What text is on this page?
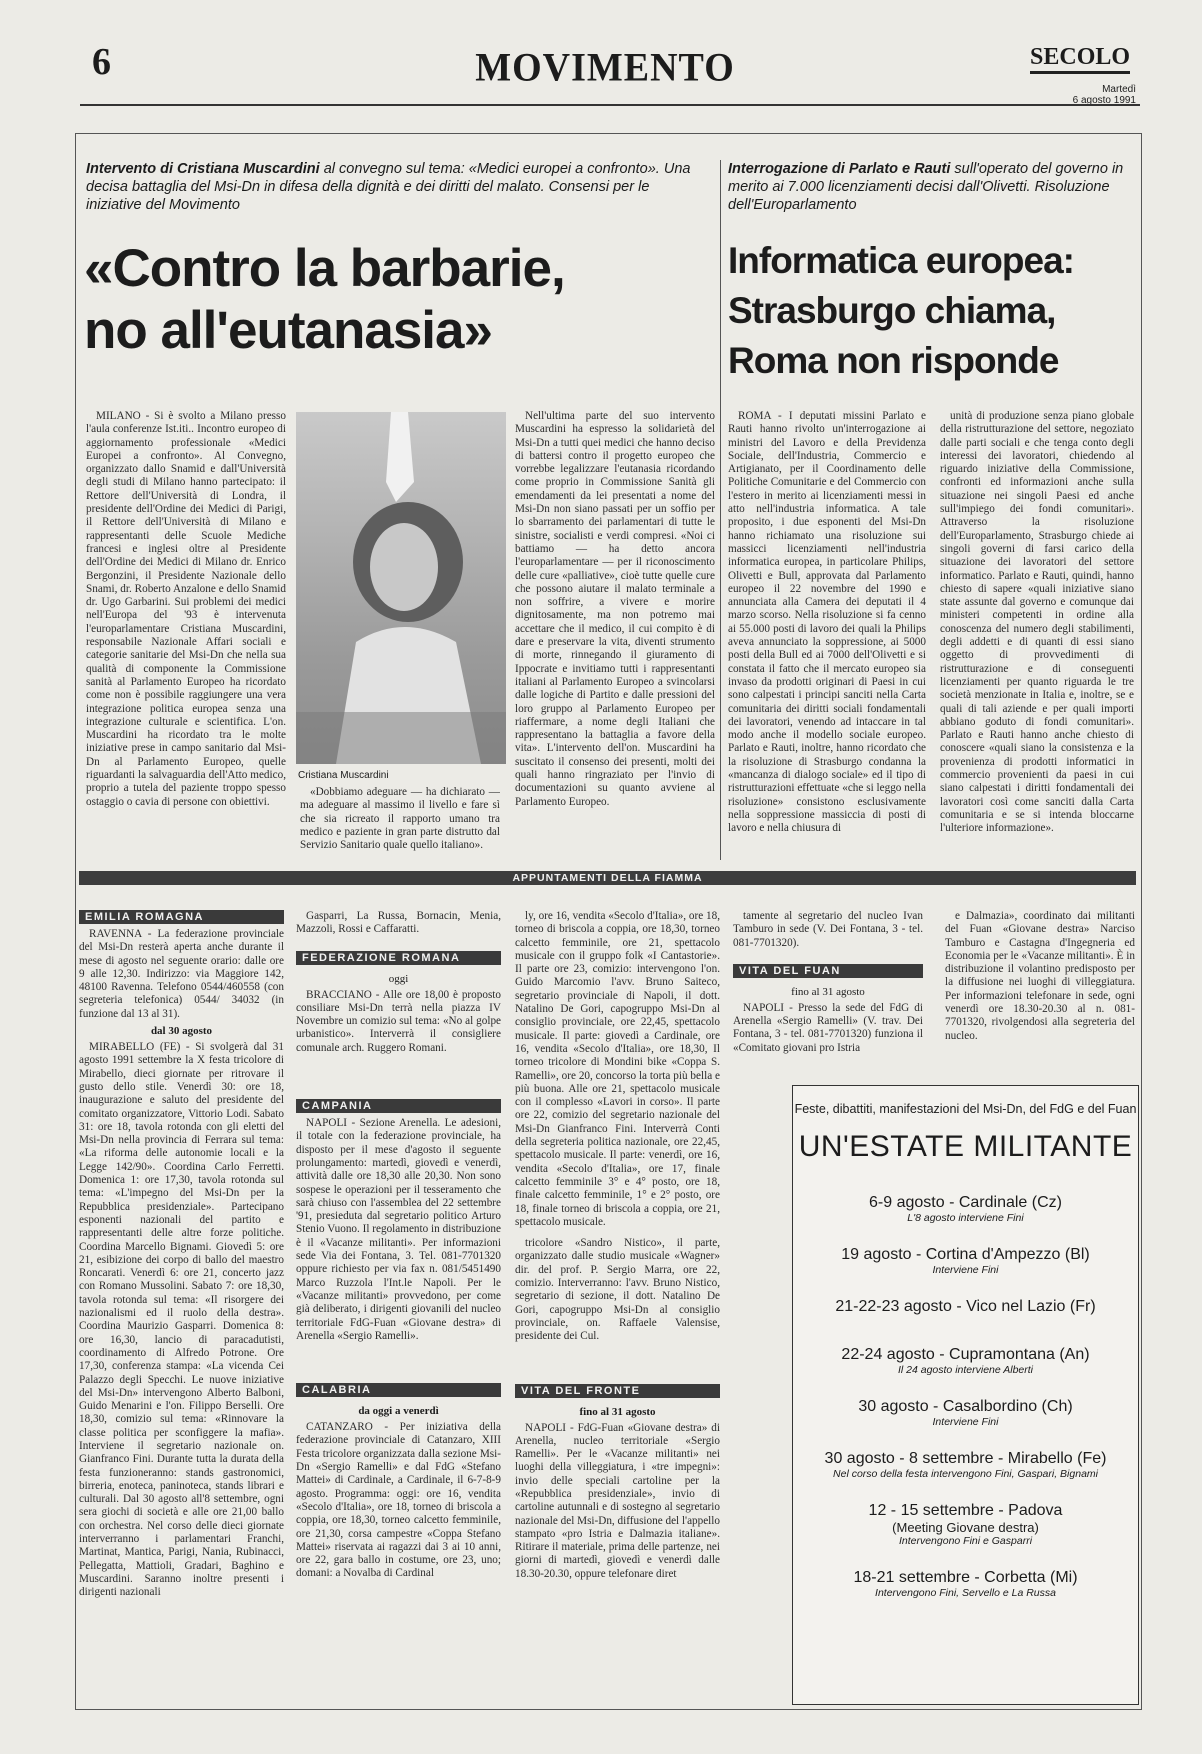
6	MOVIMENTO	SECOLO
Martedì
6 agosto 1991
Intervento di Cristiana Muscardini al convegno sul tema: «Medici europei a confronto». Una decisa battaglia del Msi-Dn in difesa della dignità e dei diritti del malato. Consensi per le iniziative del Movimento
«Contro la barbarie,
no all'eutanasia»

MILANO - Si è svolto a Milano presso l'aula conferenze Ist.iti.. Incontro europeo di aggiornamento professionale «Medici Europei a confronto». Al Convegno, organizzato dallo Snamid e dall'Università degli studi di Milano hanno partecipato: il Rettore dell'Università di Londra, il presidente dell'Ordine dei Medici di Parigi, il Rettore dell'Università di Milano e rappresentanti delle Scuole Mediche francesi e inglesi oltre al Presidente dell'Ordine dei Medici di Milano dr. Enrico Bergonzini, il Presidente Nazionale dello Snami, dr. Roberto Anzalone e dello Snamid dr. Ugo Garbarini. Sui problemi dei medici nell'Europa del '93 è intervenuta l'europarlamentare Cristiana Muscardini, responsabile Nazionale Affari sociali e categorie sanitarie del Msi-Dn che nella sua qualità di componente la Commissione sanità al Parlamento Europeo ha ricordato come non è possibile raggiungere una vera integrazione politica europea senza una integrazione culturale e scientifica. L'on. Muscardini ha ricordato tra le molte iniziative prese in campo sanitario dal Msi-Dn al Parlamento Europeo, quelle riguardanti la salvaguardia dell'Atto medico, proprio a tutela del paziente troppo spesso ostaggio o cavia di persone con obiettivi.

Cristiana Muscardini

«Dobbiamo adeguare — ha dichiarato — ma adeguare al massimo il livello e fare sì che sia ricreato il rapporto umano tra medico e paziente in gran parte distrutto dal Servizio Sanitario quale quello italiano».

Nell'ultima parte del suo intervento Muscardini ha espresso la solidarietà del Msi-Dn a tutti quei medici che hanno deciso di battersi contro il progetto europeo che vorrebbe legalizzare l'eutanasia ricordando come proprio in Commissione Sanità gli emendamenti da lei presentati a nome del Msi-Dn non siano passati per un soffio per lo sbarramento dei parlamentari di tutte le sinistre, socialisti e verdi compresi. «Noi ci battiamo — ha detto ancora l'europarlamentare — per il riconoscimento delle cure «palliative», cioè tutte quelle cure che possono aiutare il malato terminale a non soffrire, a vivere e morire dignitosamente, ma non potremo mai accettare che il medico, il cui compito è di dare e preservare la vita, diventi strumento di morte, rinnegando il giuramento di Ippocrate e invitiamo tutti i rappresentanti italiani al Parlamento Europeo a svincolarsi dalle logiche di Partito e dalle pressioni del loro gruppo al Parlamento Europeo per riaffermare, a nome degli Italiani che rappresentano la battaglia a favore della vita». L'intervento dell'on. Muscardini ha suscitato il consenso dei presenti, molti dei quali hanno ringraziato per l'invio di documentazioni su quanto avviene al Parlamento Europeo.

Interrogazione di Parlato e Rauti sull'operato del governo in merito ai 7.000 licenziamenti decisi dall'Olivetti. Risoluzione dell'Europarlamento
Informatica europea:
Strasburgo chiama,
Roma non risponde

ROMA - I deputati missini Parlato e Rauti hanno rivolto un'interrogazione ai ministri del Lavoro e della Previdenza Sociale, dell'Industria, Commercio e Artigianato, per il Coordinamento delle Politiche Comunitarie e del Commercio con l'estero in merito ai licenziamenti messi in atto nell'industria informatica. A tale proposito, i due esponenti del Msi-Dn hanno richiamato una risoluzione sui massicci licenziamenti nell'industria informatica europea, in particolare Philips, Olivetti e Bull, approvata dal Parlamento europeo il 22 novembre del 1990 e annunciata alla Camera dei deputati il 4 marzo scorso. Nella risoluzione si fa cenno ai 55.000 posti di lavoro dei quali la Philips aveva annunciato la soppressione, ai 5000 posti della Bull ed ai 7000 dell'Olivetti e si constata il fatto che il mercato europeo sia invaso da prodotti originari di Paesi in cui sono calpestati i principi sanciti nella Carta comunitaria dei diritti sociali fondamentali dei lavoratori, venendo ad intaccare in tal modo anche il modello sociale europeo. Parlato e Rauti, inoltre, hanno ricordato che la risoluzione di Strasburgo condanna la «mancanza di dialogo sociale» ed il tipo di ristrutturazioni effettuate «che si leggo nella risoluzione» consistono esclusivamente nella soppressione massiccia di posti di lavoro e nella chiusura di

unità di produzione senza piano globale della ristrutturazione del settore, negoziato dalle parti sociali e che tenga conto degli interessi dei lavoratori, chiedendo al riguardo iniziative della Commissione, confronti ed informazioni anche sulla situazione nei singoli Paesi ed anche sull'impiego dei fondi comunitari». Attraverso la risoluzione dell'Europarlamento, Strasburgo chiede ai singoli governi di farsi carico della situazione dei lavoratori del settore informatico. Parlato e Rauti, quindi, hanno chiesto di sapere «quali iniziative siano state assunte dal governo e comunque dai ministeri competenti in ordine alla conoscenza del numero degli stabilimenti, degli addetti e di quanti di essi siano oggetto di provvedimenti di ristrutturazione e di conseguenti licenziamenti per quanto riguarda le tre società menzionate in Italia e, inoltre, se e quali di tali aziende e per quali importi abbiano goduto di fondi comunitari». Parlato e Rauti hanno anche chiesto di conoscere «quali siano la consistenza e la provenienza di prodotti informatici in commercio provenienti da paesi in cui siano calpestati i diritti fondamentali dei lavoratori così come sanciti dalla Carta comunitaria e se si intenda bloccarne l'ulteriore informazione».

APPUNTAMENTI DELLA FIAMMA
EMILIA ROMAGNA

RAVENNA - La federazione provinciale del Msi-Dn resterà aperta anche durante il mese di agosto nel seguente orario: dalle ore 9 alle 12,30. Indirizzo: via Maggiore 142, 48100 Ravenna. Telefono 0544/460558 (con segreteria telefonica) 0544/ 34032 (in funzione dal 13 al 31).

dal 30 agosto

MIRABELLO (FE) - Si svolgerà dal 31 agosto 1991 settembre la X festa tricolore di Mirabello, dieci giornate per ritrovare il gusto dello stile. Venerdì 30: ore 18, inaugurazione e saluto del presidente del comitato organizzatore, Vittorio Lodi. Sabato 31: ore 18, tavola rotonda con gli eletti del Msi-Dn nella provincia di Ferrara sul tema: «La riforma delle autonomie locali e la Legge 142/90». Coordina Carlo Ferretti. Domenica 1: ore 17,30, tavola rotonda sul tema: «L'impegno del Msi-Dn per la Repubblica presidenziale». Partecipano esponenti nazionali del partito e rappresentanti delle altre forze politiche. Coordina Marcello Bignami. Giovedì 5: ore 21, esibizione dei corpo di ballo del maestro Roncarati. Venerdì 6: ore 21, concerto jazz con Romano Mussolini. Sabato 7: ore 18,30, tavola rotonda sul tema: «Il risorgere dei nazionalismi ed il ruolo della destra». Coordina Maurizio Gasparri. Domenica 8: ore 16,30, lancio di paracadutisti, coordinamento di Alfredo Potrone. Ore 17,30, conferenza stampa: «La vicenda Cei Palazzo degli Specchi. Le nuove iniziative del Msi-Dn» intervengono Alberto Balboni, Guido Menarini e l'on. Filippo Berselli. Ore 18,30, comizio sul tema: «Rinnovare la classe politica per sconfiggere la mafia». Interviene il segretario nazionale on. Gianfranco Fini. Durante tutta la durata della festa funzioneranno: stands gastronomici, birreria, enoteca, paninoteca, stands librari e culturali. Dal 30 agosto all'8 settembre, ogni sera giochi di società e alle ore 21,00 ballo con orchestra. Nel corso delle dieci giornate interverranno i parlamentari Franchi, Martinat, Mantica, Parigi, Nania, Rubinacci, Pellegatta, Mattioli, Gradari, Baghino e Muscardini. Saranno inoltre presenti i dirigenti nazionali

Gasparri, La Russa, Bornacin, Menia, Mazzoli, Rossi e Caffaratti.

FEDERAZIONE ROMANA
oggi

BRACCIANO - Alle ore 18,00 è proposto consiliare Msi-Dn terrà nella piazza IV Novembre un comizio sul tema: «No al golpe urbanistico». Interverrà il consigliere comunale arch. Ruggero Romani.

CAMPANIA

NAPOLI - Sezione Arenella. Le adesioni, il totale con la federazione provinciale, ha disposto per il mese d'agosto il seguente prolungamento: martedì, giovedì e venerdì, attività dalle ore 18,30 alle 20,30. Non sono sospese le operazioni per il tesseramento che sarà chiuso con l'assemblea del 22 settembre '91, presieduta dal segretario politico Arturo Stenio Vuono. Il regolamento in distribuzione è il «Vacanze militanti». Per informazioni sede Via dei Fontana, 3. Tel. 081-7701320 oppure richiesto per via fax n. 081/5451490 Marco Ruzzola l'Int.le Napoli. Per le «Vacanze militanti» provvedono, per come già deliberato, i dirigenti giovanili del nucleo territoriale FdG-Fuan «Giovane destra» di Arenella «Sergio Ramelli».

CALABRIA
da oggi a venerdì

CATANZARO - Per iniziativa della federazione provinciale di Catanzaro, XIII Festa tricolore organizzata dalla sezione Msi-Dn «Sergio Ramelli» e dal FdG «Stefano Mattei» di Cardinale, a Cardinale, il 6-7-8-9 agosto. Programma: oggi: ore 16, vendita «Secolo d'Italia», ore 18, torneo di briscola a coppia, ore 18,30, torneo calcetto femminile, ore 21,30, corsa campestre «Coppa Stefano Mattei» riservata ai ragazzi dai 3 ai 10 anni, ore 22, gara ballo in costume, ore 23, uno; domani: a Novalba di Cardinal

ly, ore 16, vendita «Secolo d'Italia», ore 18, torneo di briscola a coppia, ore 18,30, torneo calcetto femminile, ore 21, spettacolo musicale con il gruppo folk «I Cantastorie». Il parte ore 23, comizio: intervengono l'on. Guido Marcomio l'avv. Bruno Saiteco, segretario provinciale di Napoli, il dott. Natalino De Gori, capogruppo Msi-Dn al consiglio provinciale, ore 22,45, spettacolo musicale. Il parte: giovedì a Cardinale, ore 16, vendita «Secolo d'Italia», ore 18,30, Il torneo tricolore di Mondini bike «Coppa S. Ramelli», ore 20, concorso la torta più bella e più buona. Alle ore 21, spettacolo musicale con il complesso «Lavori in corso». Il parte ore 22, comizio del segretario nazionale del Msi-Dn Gianfranco Fini. Interverrà Conti della segreteria politica nazionale, ore 22,45, spettacolo musicale. Il parte: venerdì, ore 16, vendita «Secolo d'Italia», ore 17, finale calcetto femminile 3° e 4° posto, ore 18, finale calcetto femminile, 1° e 2° posto, ore 18, finale torneo di briscola a coppia, ore 21, spettacolo musicale.

tricolore «Sandro Nistico», il parte, organizzato dalle studio musicale «Wagner» dir. del prof. P. Sergio Marra, ore 22, comizio. Interverranno: l'avv. Bruno Nistico, segretario di sezione, il dott. Natalino De Gori, capogruppo Msi-Dn al consiglio provinciale, on. Raffaele Valensise, presidente dei Cul.

VITA DEL FRONTE
fino al 31 agosto

NAPOLI - FdG-Fuan «Giovane destra» di Arenella, nucleo territoriale «Sergio Ramelli». Per le «Vacanze militanti» nei luoghi della villeggiatura, i «tre impegni»: invio delle speciali cartoline per la «Repubblica presidenziale», invio di cartoline autunnali e di sostegno al segretario nazionale del Msi-Dn, diffusione del l'appello stampato «pro Istria e Dalmazia italiane». Ritirare il materiale, prima delle partenze, nei giorni di martedì, giovedì e venerdì dalle 18.30-20.30, oppure telefonare diret

tamente al segretario del nucleo Ivan Tamburo in sede (V. Dei Fontana, 3 - tel. 081-7701320).

VITA DEL FUAN
fino al 31 agosto

NAPOLI - Presso la sede del FdG di Arenella «Sergio Ramelli» (V. trav. Dei Fontana, 3 - tel. 081-7701320) funziona il «Comitato giovani pro Istria

e Dalmazia», coordinato dai militanti del Fuan «Giovane destra» Narciso Tamburo e Castagna d'Ingegneria ed Economia per le «Vacanze militanti». È in distribuzione il volantino predisposto per la diffusione nei luoghi di villeggiatura. Per informazioni telefonare in sede, ogni venerdì ore 18.30-20.30 al n. 081-7701320, rivolgendosi alla segreteria del nucleo.

Feste, dibattiti, manifestazioni del Msi-Dn, del FdG e del Fuan
UN'ESTATE MILITANTE
6-9 agosto - Cardinale (Cz)
L'8 agosto interviene Fini
19 agosto - Cortina d'Ampezzo (Bl)
Interviene Fini
21-22-23 agosto - Vico nel Lazio (Fr)
22-24 agosto - Cupramontana (An)
Il 24 agosto interviene Alberti
30 agosto - Casalbordino (Ch)
Interviene Fini
30 agosto - 8 settembre - Mirabello (Fe)
Nel corso della festa intervengono Fini, Gaspari, Bignami
12 - 15 settembre - Padova
(Meeting Giovane destra)
Intervengono Fini e Gasparri
18-21 settembre - Corbetta (Mi)
Intervengono Fini, Servello e La Russa
